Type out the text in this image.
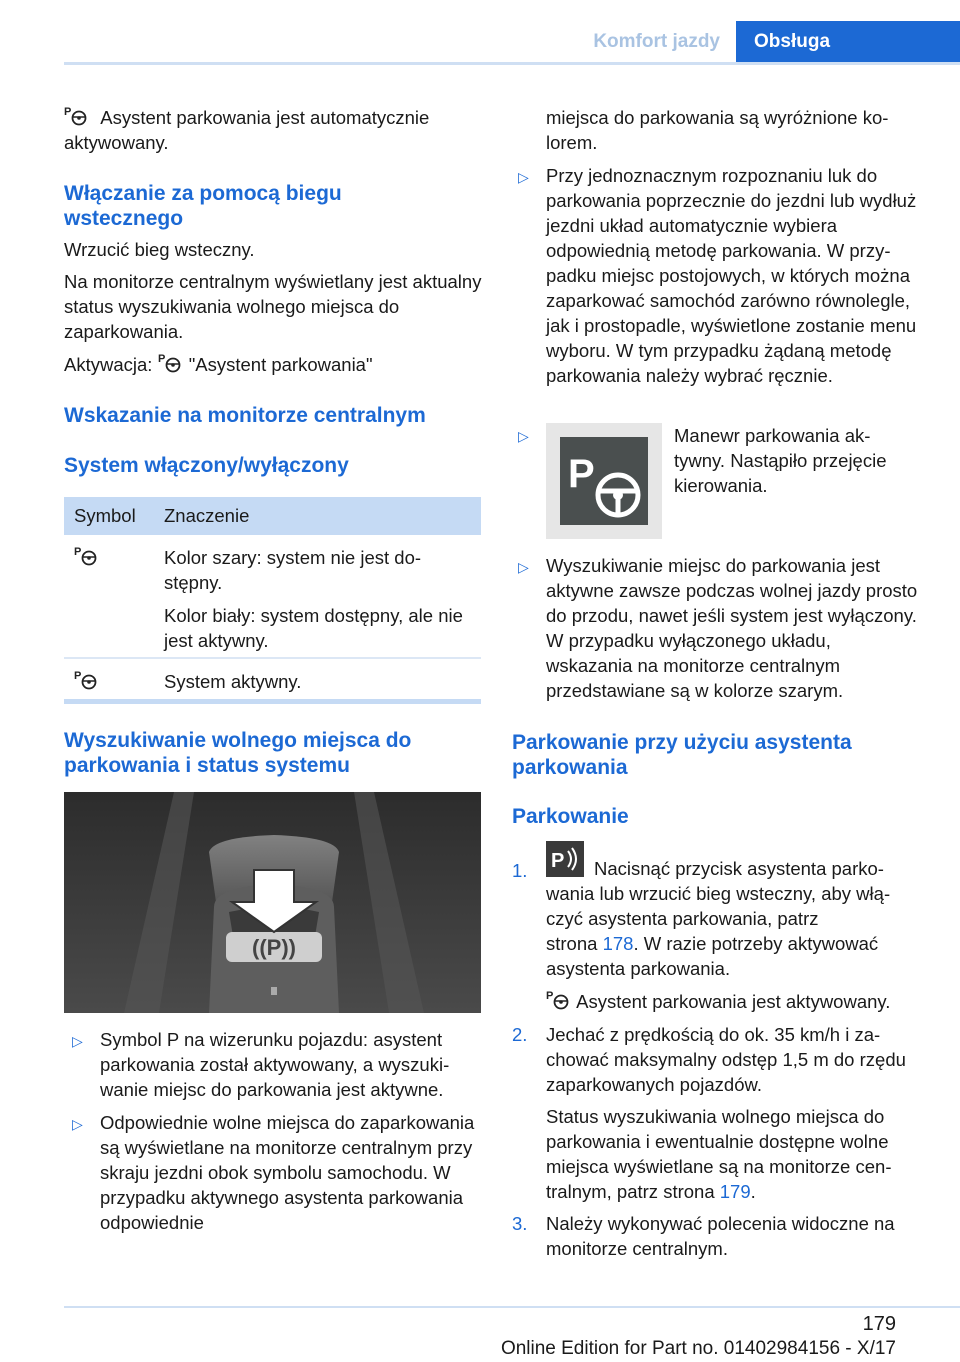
Komfort jazdy	Obsługa

P Asystent parkowania jest automatycznie aktywowany.

Włączanie za pomocą biegu wstecznego

Wrzucić bieg wsteczny.

Na monitorze centralnym wyświetlany jest aktualny status wyszukiwania wolnego miejsca do zaparkowania.

Aktywacja: P "Asystent parkowania"

Wskazanie na monitorze centralnym
System włączony/wyłączony
Symbol	Znaczenie

P	Kolor szary: system nie jest dostępny.
Kolor biały: system dostępny, ale nie jest aktywny.

P	System aktywny.
Wyszukiwanie wolnego miejsca do parkowania i status systemu
((P))
▷ Symbol P na wizerunku pojazdu: asystent parkowania został aktywowany, a wyszukiwanie miejsc do parkowania jest aktywne.

▷ Odpowiednie wolne miejsca do zaparkowania są wyświetlane na monitorze centralnym przy skraju jezdni obok symbolu samochodu. W przypadku aktywnego asystenta parkowania odpowiednie

miejsca do parkowania są wyróżnione kolorem.

▷ Przy jednoznacznym rozpoznaniu luk do parkowania poprzecznie do jezdni lub wydłuż jezdni układ automatycznie wybiera odpowiednią metodę parkowania. W przypadku miejsc postojowych, w których można zaparkować samochód zarówno równolegle, jak i prostopadle, wyświetlone zostanie menu wyboru. W tym przypadku żądaną metodę parkowania należy wybrać ręcznie.

▷
P

Manewr parkowania aktywny. Nastąpiło przejęcie kierowania.

▷ Wyszukiwanie miejsc do parkowania jest aktywne zawsze podczas wolnej jazdy prosto do przodu, nawet jeśli system jest wyłączony. W przypadku wyłączonego układu, wskazania na monitorze centralnym przedstawiane są w kolorze szarym.

Parkowanie przy użyciu asystenta parkowania
Parkowanie
1. P	Nacisnąć przycisk asystenta parkowania lub wrzucić bieg wsteczny, aby włączyć asystenta parkowania, patrz

strona 178. W razie potrzeby aktywować

asystenta parkowania.

P Asystent parkowania jest aktywowany.

2. Jechać z prędkością do ok. 35 km/h i zachować maksymalny odstęp 1,5 m do rzędu zaparkowanych pojazdów.

Status wyszukiwania wolnego miejsca do parkowania i ewentualnie dostępne wolne miejsca wyświetlane są na monitorze centralnym, patrz strona 179.

3. Należy wykonywać polecenia widoczne na monitorze centralnym.

179
Online Edition for Part no. 01402984156 - X/17
